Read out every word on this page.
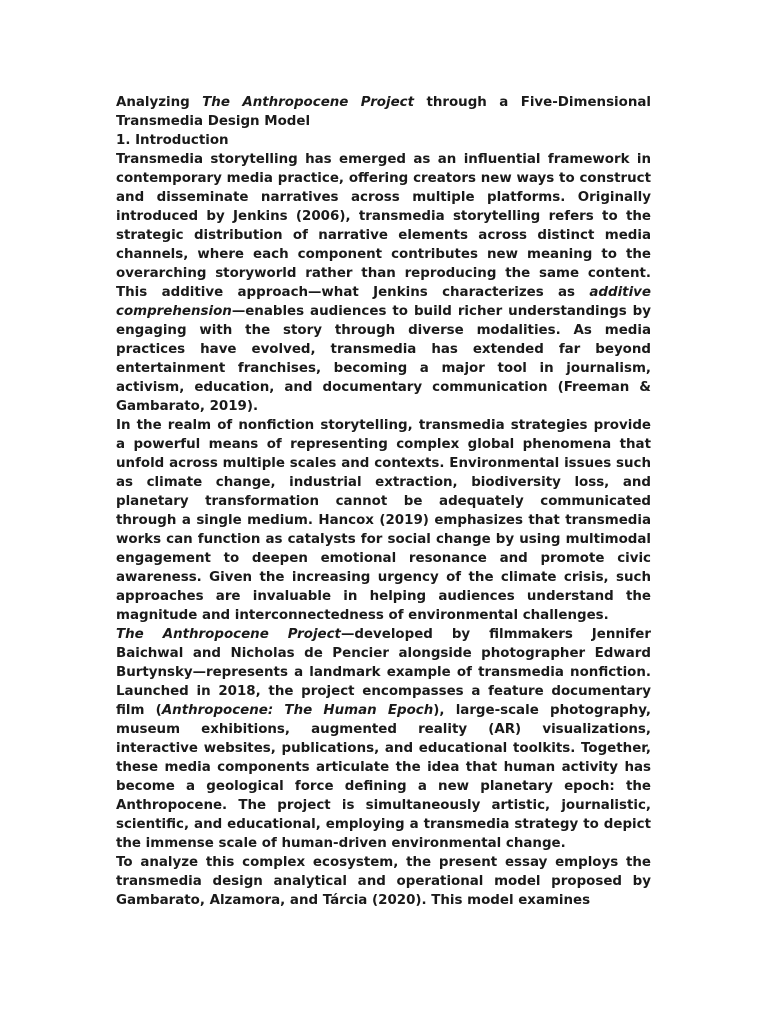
Analyzing The Anthropocene Project through a Five-Dimensional Transmedia Design Model

1. Introduction

Transmedia storytelling has emerged as an influential framework in contemporary media practice, offering creators new ways to construct and disseminate narratives across multiple platforms. Originally introduced by Jenkins (2006), transmedia storytelling refers to the strategic distribution of narrative elements across distinct media channels, where each component contributes new meaning to the overarching storyworld rather than reproducing the same content. This additive approach—what Jenkins characterizes as additive comprehension—enables audiences to build richer understandings by engaging with the story through diverse modalities. As media practices have evolved, transmedia has extended far beyond entertainment franchises, becoming a major tool in journalism, activism, education, and documentary communication (Freeman & Gambarato, 2019).

In the realm of nonfiction storytelling, transmedia strategies provide a powerful means of representing complex global phenomena that unfold across multiple scales and contexts. Environmental issues such as climate change, industrial extraction, biodiversity loss, and planetary transformation cannot be adequately communicated through a single medium. Hancox (2019) emphasizes that transmedia works can function as catalysts for social change by using multimodal engagement to deepen emotional resonance and promote civic awareness. Given the increasing urgency of the climate crisis, such approaches are invaluable in helping audiences understand the magnitude and interconnectedness of environmental challenges.

The Anthropocene Project—developed by filmmakers Jennifer Baichwal and Nicholas de Pencier alongside photographer Edward Burtynsky—represents a landmark example of transmedia nonfiction. Launched in 2018, the project encompasses a feature documentary film (Anthropocene: The Human Epoch), large-scale photography, museum exhibitions, augmented reality (AR) visualizations, interactive websites, publications, and educational toolkits. Together, these media components articulate the idea that human activity has become a geological force defining a new planetary epoch: the Anthropocene. The project is simultaneously artistic, journalistic, scientific, and educational, employing a transmedia strategy to depict the immense scale of human-driven environmental change.

To analyze this complex ecosystem, the present essay employs the transmedia design analytical and operational model proposed by Gambarato, Alzamora, and Tárcia (2020). This model examines
